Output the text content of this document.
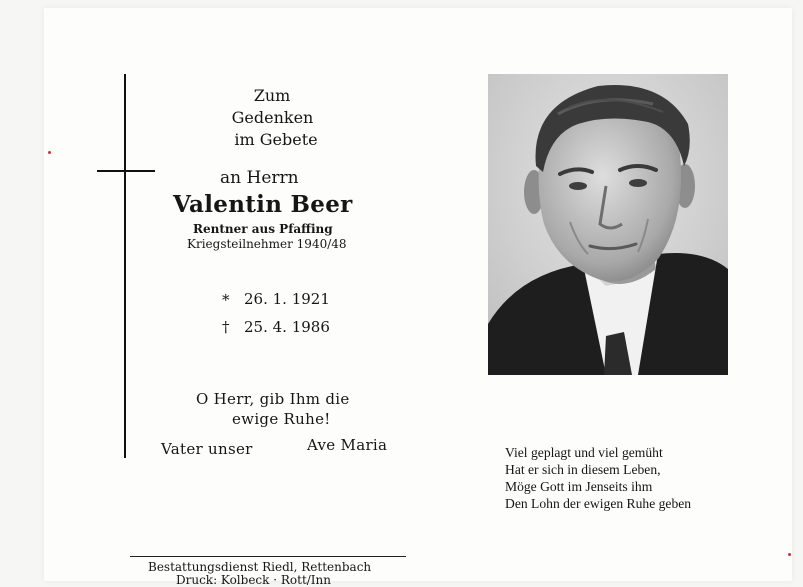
Zum
Gedenken
im Gebete
an Herrn
Valentin Beer
Rentner aus Pfaffing
Kriegsteilnehmer 1940/48
* 26. 1. 1921
† 25. 4. 1986
O Herr, gib Ihm die
ewige Ruhe!
Vater unser	Ave Maria	Viel geplagt und viel gemüht
Hat er sich in diesem Leben,
Möge Gott im Jenseits ihm
Den Lohn der ewigen Ruhe geben
Bestattungsdienst Riedl, Rettenbach
Druck: Kolbeck · Rott/Inn
